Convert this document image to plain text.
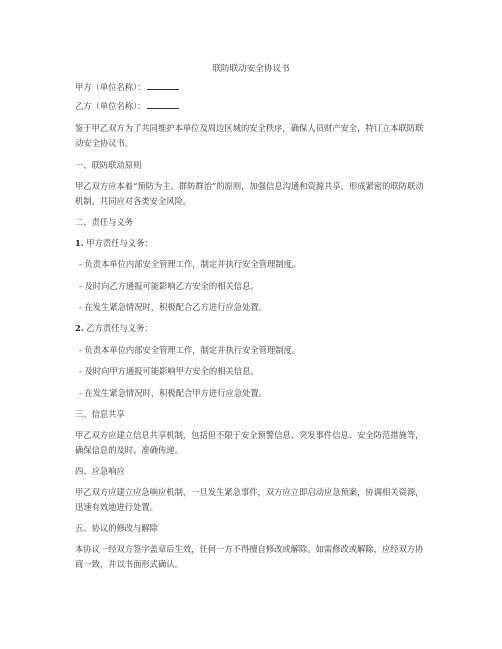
联防联动安全协议书
甲方（单位名称）：
乙方（单位名称）：
鉴于甲乙双方为了共同维护本单位及周边区域的安全秩序，确保人员财产安全，特订立本联防联动安全协议书。
一、联防联动原则
甲乙双方应本着“预防为主、群防群治”的原则，加强信息沟通和资源共享，形成紧密的联防联动机制，共同应对各类安全风险。
二、责任与义务
1. 甲方责任与义务：
- 负责本单位内部安全管理工作，制定并执行安全管理制度。
- 及时向乙方通报可能影响乙方安全的相关信息。
- 在发生紧急情况时，积极配合乙方进行应急处置。
2. 乙方责任与义务：
- 负责本单位内部安全管理工作，制定并执行安全管理制度。
- 及时向甲方通报可能影响甲方安全的相关信息。
- 在发生紧急情况时，积极配合甲方进行应急处置。
三、信息共享
甲乙双方应建立信息共享机制，包括但不限于安全预警信息、突发事件信息、安全防范措施等，确保信息的及时、准确传递。
四、应急响应
甲乙双方应建立应急响应机制，一旦发生紧急事件，双方应立即启动应急预案，协调相关资源，迅速有效地进行处置。
五、协议的修改与解除
本协议一经双方签字盖章后生效，任何一方不得擅自修改或解除。如需修改或解除，应经双方协商一致，并以书面形式确认。
